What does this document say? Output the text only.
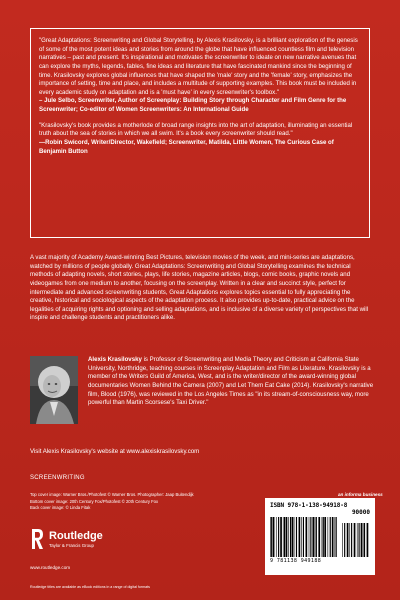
"Great Adaptations: Screenwriting and Global Storytelling, by Alexis Krasilovsky, is a brilliant exploration of the genesis of some of the most potent ideas and stories from around the globe that have influenced countless film and television narratives – past and present. It's inspirational and motivates the screenwriter to ideate on new narrative avenues that can explore the myths, legends, fables, fine ideas and literature that have fascinated mankind since the beginning of time. Krasilovsky explores global influences that have shaped the 'male' story and the 'female' story, emphasizes the importance of setting, time and place, and includes a multitude of supporting examples. This book must be included in every academic study on adaptation and is a 'must have' in every screenwriter's toolbox."

– Jule Selbo, Screenwriter, Author of Screenplay: Building Story through Character and Film Genre for the Screenwriter; Co-editor of Women Screenwriters: An International Guide

"Krasilovsky's book provides a motherlode of broad range insights into the art of adaptation, illuminating an essential truth about the sea of stories in which we all swim. It's a book every screenwriter should read."

—Robin Swicord, Writer/Director, Wakefield; Screenwriter, Matilda, Little Women, The Curious Case of Benjamin Button

A vast majority of Academy Award-winning Best Pictures, television movies of the week, and mini-series are adaptations, watched by millions of people globally. Great Adaptations: Screenwriting and Global Storytelling examines the technical methods of adapting novels, short stories, plays, life stories, magazine articles, blogs, comic books, graphic novels and videogames from one medium to another, focusing on the screenplay. Written in a clear and succinct style, perfect for intermediate and advanced screenwriting students, Great Adaptations explores topics essential to fully appreciating the creative, historical and sociological aspects of the adaptation process. It also provides up-to-date, practical advice on the legalities of acquiring rights and optioning and selling adaptations, and is inclusive of a diverse variety of perspectives that will inspire and challenge students and practitioners alike.

Alexis Krasilovsky is Professor of Screenwriting and Media Theory and Criticism at California State University, Northridge, teaching courses in Screenplay Adaptation and Film as Literature. Krasilovsky is a member of the Writers Guild of America, West, and is the writer/director of the award-winning global documentaries Women Behind the Camera (2007) and Let Them Eat Cake (2014). Krasilovsky's narrative film, Blood (1976), was reviewed in the Los Angeles Times as "in its stream-of-consciousness way, more powerful than Martin Scorsese's Taxi Driver."

Visit Alexis Krasilovsky's website at www.alexiskrasilovsky.com

SCREENWRITING

Top cover image: Warner Bros./Photofest © Warner Bros. Photographer: Jaap Buitendijk
Bottom cover image: 20th Century Fox/Photofest © 20th Century Fox
Back cover image: © Linda Fitak
Routledge
Taylor & Francis Group

www.routledge.com

Routledge titles are available as eBook editions in a range of digital formats

an informa business

ISBN 978-1-138-94918-8
90000
9 781138 949188
